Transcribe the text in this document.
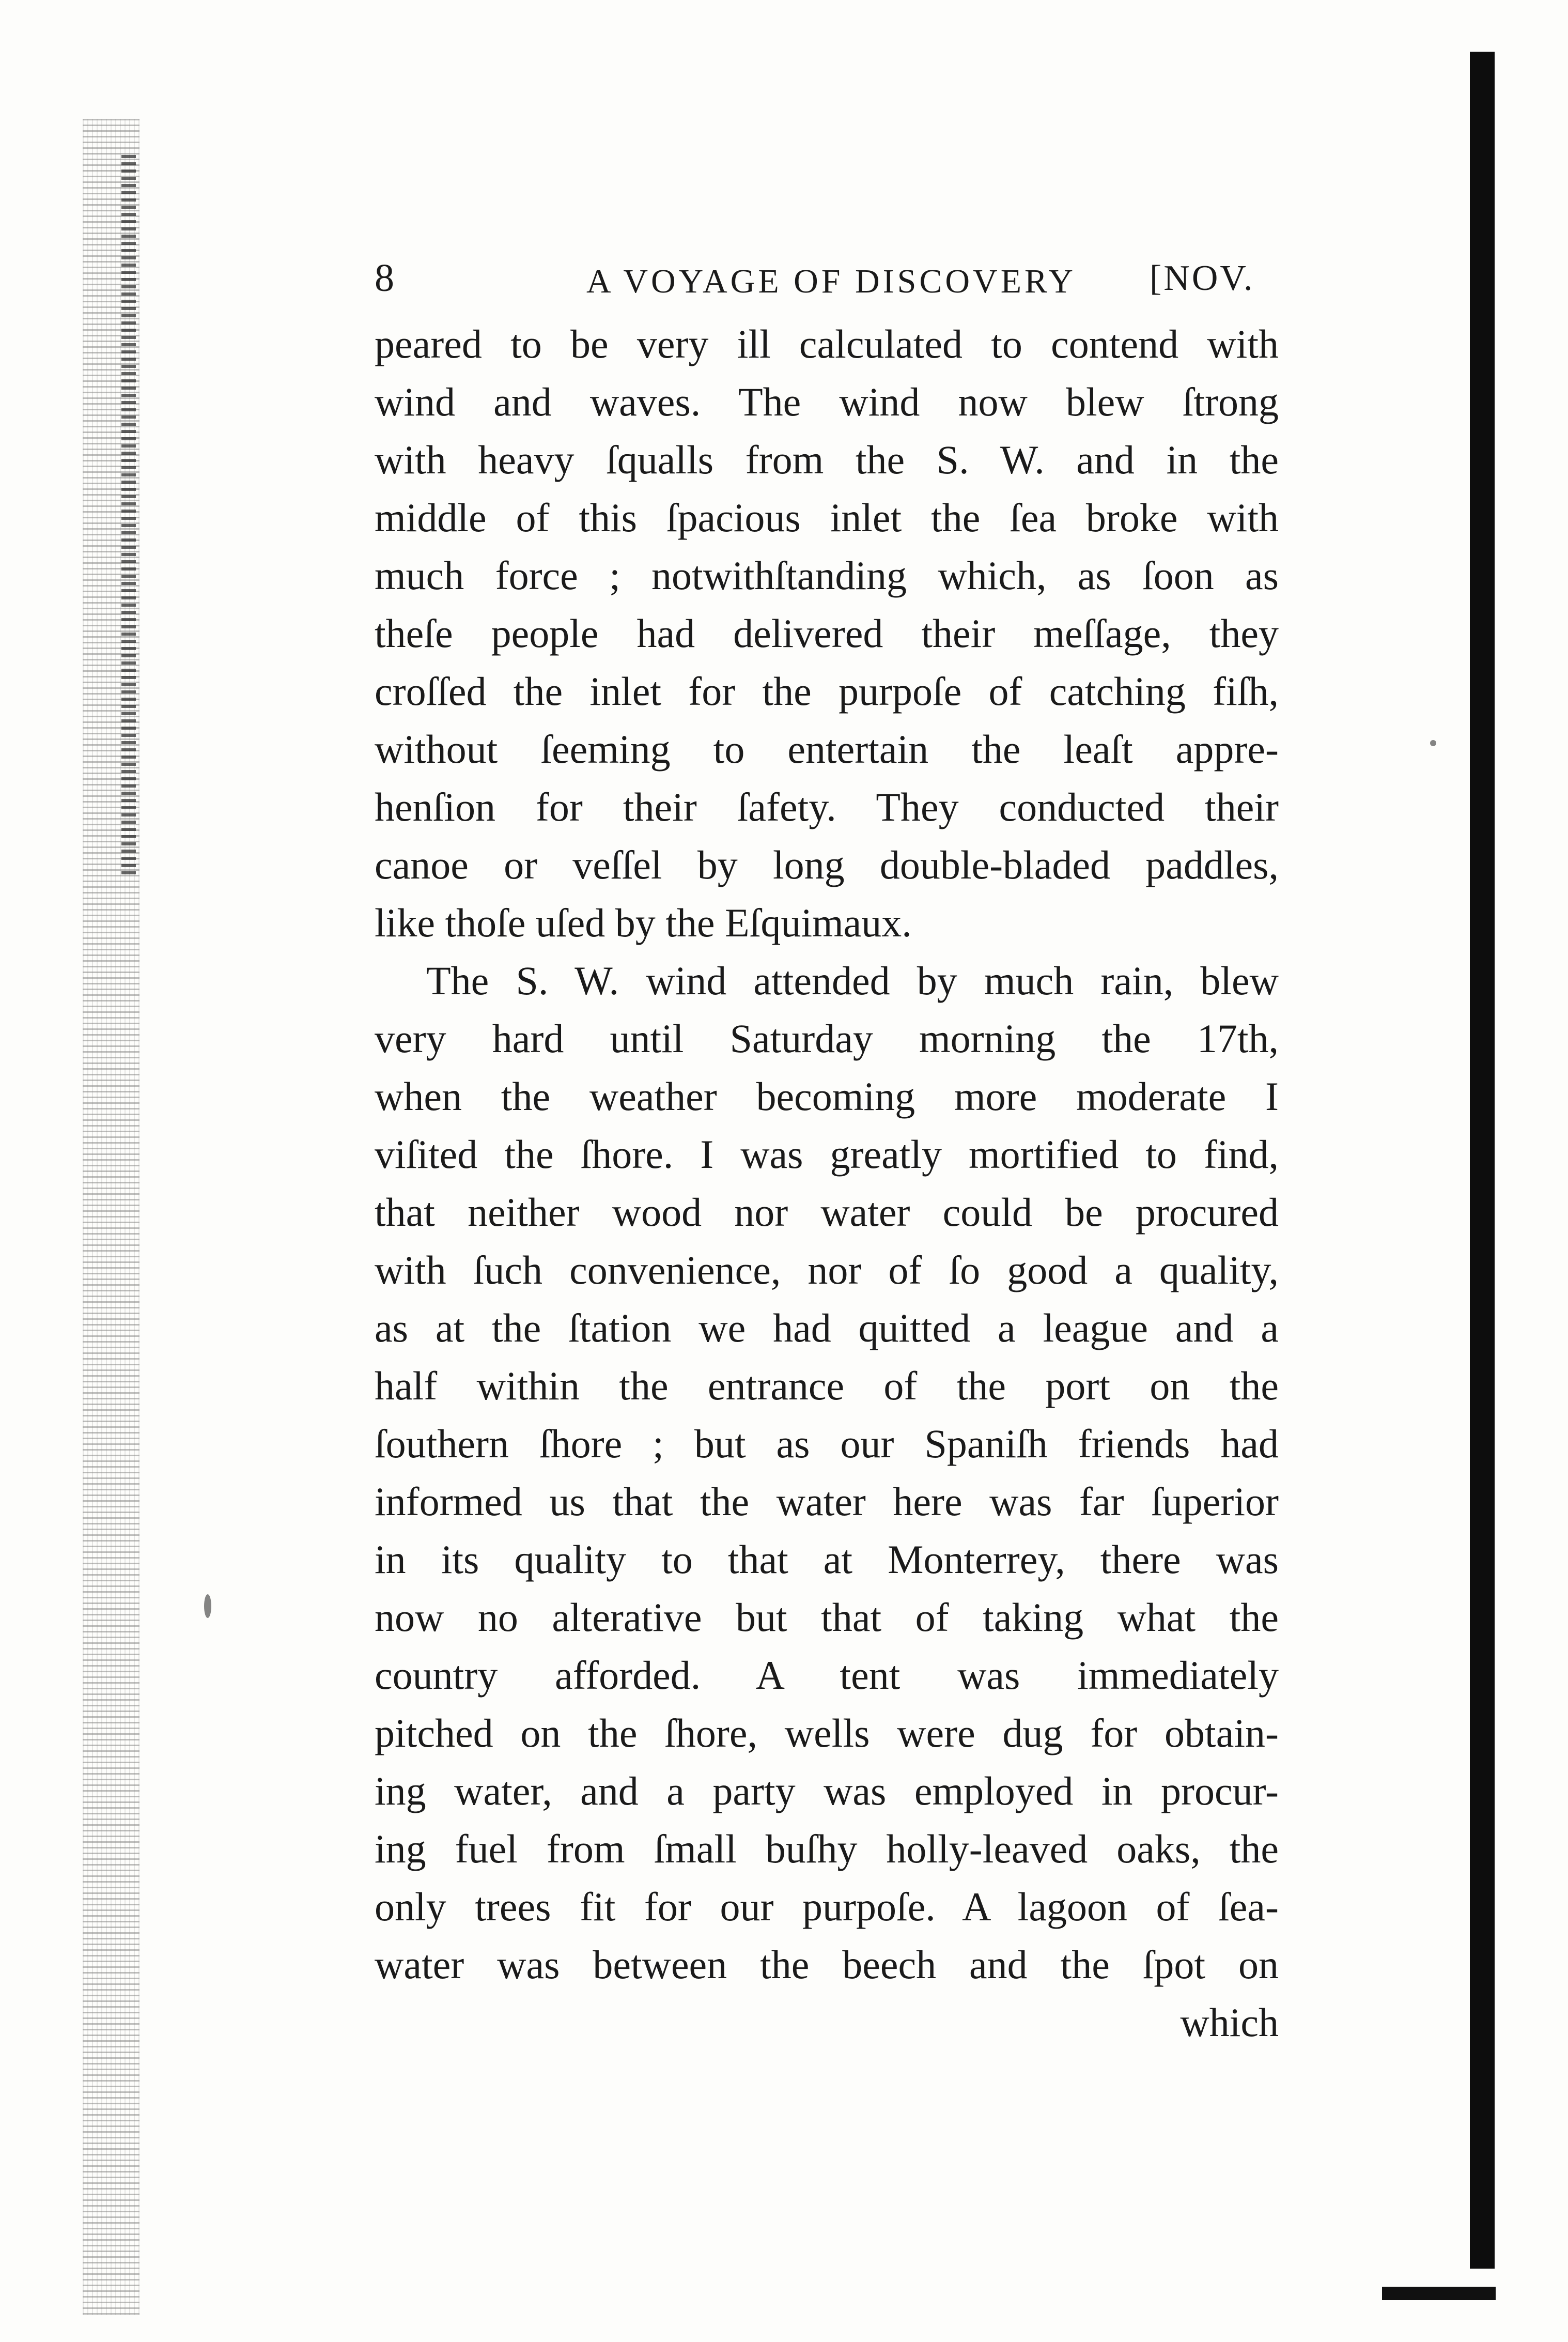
8	A VOYAGE OF DISCOVERY [NOV.
peared to be very ill calculated to contend with
wind and waves. The wind now blew ſtrong
with heavy ſqualls from the S. W. and in the
middle of this ſpacious inlet the ſea broke with
much force ; notwithſtanding which, as ſoon as
theſe people had delivered their meſſage, they
croſſed the inlet for the purpoſe of catching fiſh,
without ſeeming to entertain the leaſt appre-
henſion for their ſafety. They conducted their
canoe or veſſel by long double-bladed paddles,
like thoſe uſed by the Eſquimaux.
The S. W. wind attended by much rain, blew
very hard until Saturday morning the 17th,
when the weather becoming more moderate I
viſited the ſhore. I was greatly mortified to find,
that neither wood nor water could be procured
with ſuch convenience, nor of ſo good a quality,
as at the ſtation we had quitted a league and a
half within the entrance of the port on the
ſouthern ſhore ; but as our Spaniſh friends had
informed us that the water here was far ſuperior
in its quality to that at Monterrey, there was
now no alterative but that of taking what the
country afforded. A tent was immediately
pitched on the ſhore, wells were dug for obtain-
ing water, and a party was employed in procur-
ing fuel from ſmall buſhy holly-leaved oaks, the
only trees fit for our purpoſe. A lagoon of ſea-
water was between the beech and the ſpot on
which
